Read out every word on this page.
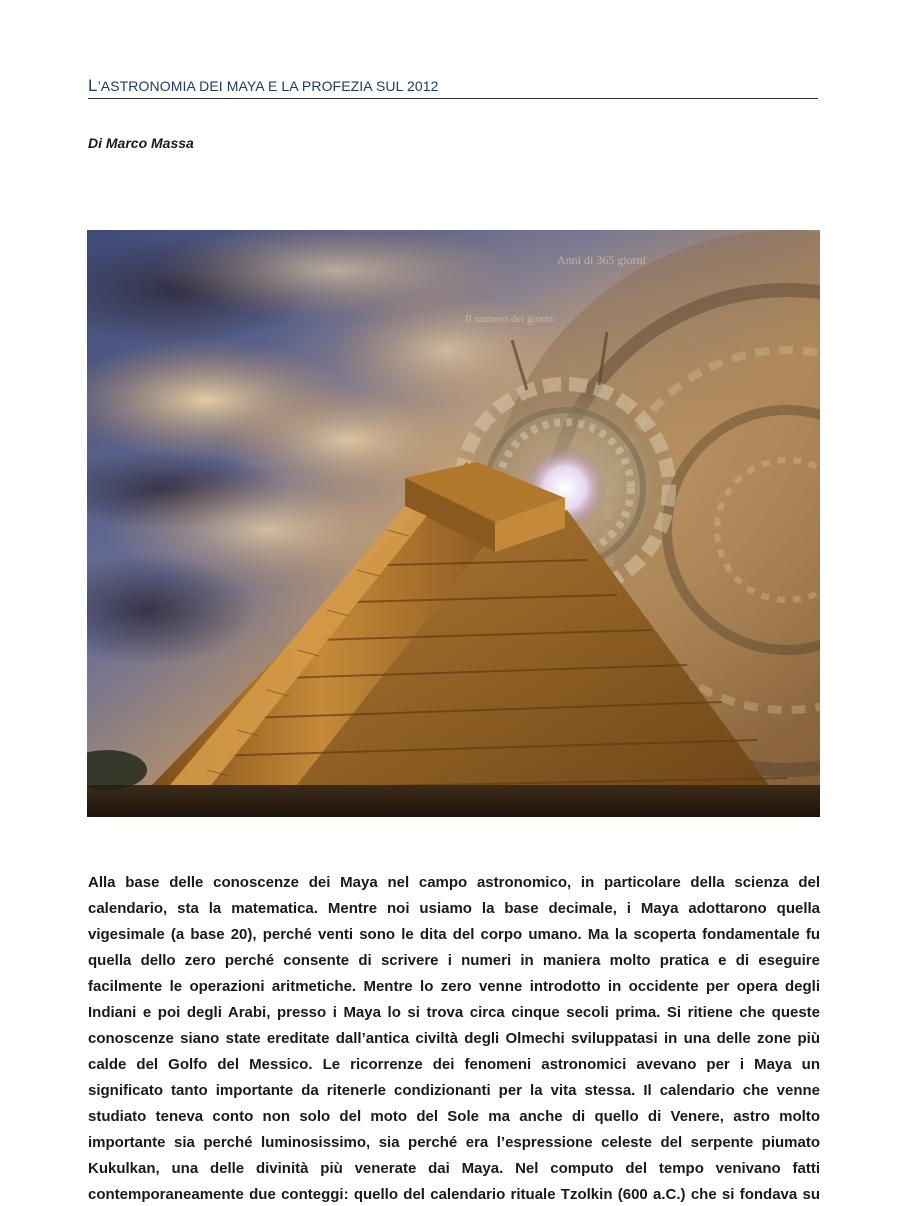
L’ASTRONOMIA DEI MAYA E LA PROFEZIA SUL 2012
Di Marco Massa
Anni di 365 giorni
Il numero dei giorni
Alla base delle conoscenze dei Maya nel campo astronomico, in particolare della scienza del
calendario, sta la matematica. Mentre noi usiamo la base decimale, i Maya adottarono quella
vigesimale (a base 20), perché venti sono le dita del corpo umano. Ma la scoperta fondamentale fu
quella dello zero perché consente di scrivere i numeri in maniera molto pratica e di eseguire
facilmente le operazioni aritmetiche. Mentre lo zero venne introdotto in occidente per opera degli
Indiani e poi degli Arabi, presso i Maya lo si trova circa cinque secoli prima. Si ritiene che queste
conoscenze siano state ereditate dall’antica civiltà degli Olmechi sviluppatasi in una delle zone più
calde del Golfo del Messico. Le ricorrenze dei fenomeni astronomici avevano per i Maya un
significato tanto importante da ritenerle condizionanti per la vita stessa. Il calendario che venne
studiato teneva conto non solo del moto del Sole ma anche di quello di Venere, astro molto
importante sia perché luminosissimo, sia perché era l’espressione celeste del serpente piumato
Kukulkan, una delle divinità più venerate dai Maya. Nel computo del tempo venivano fatti
contemporaneamente due conteggi: quello del calendario rituale Tzolkin (600 a.C.) che si fondava su
